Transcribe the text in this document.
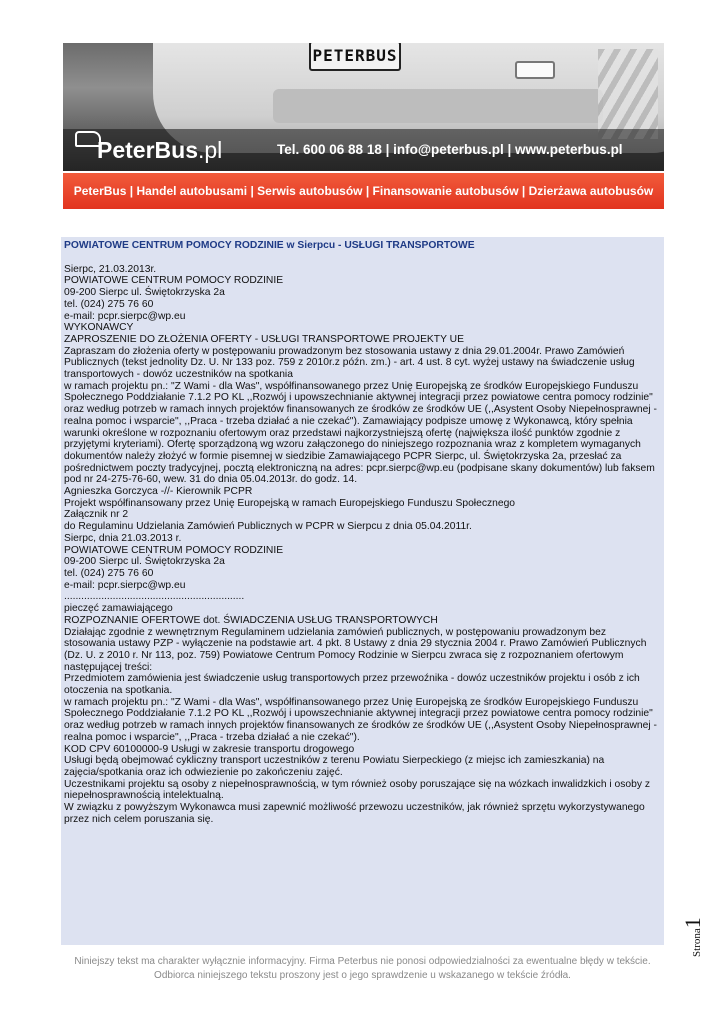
PETERBUS
PeterBus.pl	Tel. 600 06 88 18 | info@peterbus.pl | www.peterbus.pl
PeterBus | Handel autobusami | Serwis autobusów | Finansowanie autobusów | Dzierżawa autobusów

POWIATOWE CENTRUM POMOCY RODZINIE w Sierpcu - USŁUGI TRANSPORTOWE

Sierpc, 21.03.2013r.

POWIATOWE CENTRUM POMOCY RODZINIE

09-200 Sierpc ul. Świętokrzyska 2a

tel. (024) 275 76 60

e-mail: pcpr.sierpc@wp.eu

WYKONAWCY

ZAPROSZENIE DO ZŁOŻENIA OFERTY - USŁUGI TRANSPORTOWE PROJEKTY UE

Zapraszam do złożenia oferty w postępowaniu prowadzonym bez stosowania ustawy z dnia 29.01.2004r. Prawo Zamówień Publicznych (tekst jednolity Dz. U. Nr 133 poz. 759 z 2010r.z późn. zm.) - art. 4 ust. 8 cyt. wyżej ustawy na świadczenie usług transportowych - dowóz uczestników na spotkania

w ramach projektu pn.: "Z Wami - dla Was", współfinansowanego przez Unię Europejską ze środków Europejskiego Funduszu Społecznego Poddziałanie 7.1.2 PO KL ,,Rozwój i upowszechnianie aktywnej integracji przez powiatowe centra pomocy rodzinie"

oraz według potrzeb w ramach innych projektów finansowanych ze środków ze środków UE (,,Asystent Osoby Niepełnosprawnej - realna pomoc i wsparcie", ,,Praca - trzeba działać a nie czekać"). Zamawiający podpisze umowę z Wykonawcą, który spełnia warunki określone w rozpoznaniu ofertowym oraz przedstawi najkorzystniejszą ofertę (największa ilość punktów zgodnie z przyjętymi kryteriami). Ofertę sporządzoną wg wzoru załączonego do niniejszego rozpoznania wraz z kompletem wymaganych dokumentów należy złożyć w formie pisemnej w siedzibie Zamawiającego PCPR Sierpc, ul. Świętokrzyska 2a, przesłać za pośrednictwem poczty tradycyjnej, pocztą elektroniczną na adres: pcpr.sierpc@wp.eu (podpisane skany dokumentów) lub faksem pod nr 24-275-76-60, wew. 31 do dnia 05.04.2013r. do godz. 14.

Agnieszka Gorczyca -//- Kierownik PCPR

Projekt współfinansowany przez Unię Europejską w ramach Europejskiego Funduszu Społecznego

Załącznik nr 2

do Regulaminu Udzielania Zamówień Publicznych w PCPR w Sierpcu z dnia 05.04.2011r.

Sierpc, dnia 21.03.2013 r.

POWIATOWE CENTRUM POMOCY RODZINIE

09-200 Sierpc ul. Świętokrzyska 2a

tel. (024) 275 76 60

e-mail: pcpr.sierpc@wp.eu

...............................................................

pieczęć zamawiającego

ROZPOZNANIE OFERTOWE dot. ŚWIADCZENIA USŁUG TRANSPORTOWYCH

Działając zgodnie z wewnętrznym Regulaminem udzielania zamówień publicznych, w postępowaniu prowadzonym bez stosowania ustawy PZP - wyłączenie na podstawie art. 4 pkt. 8 Ustawy z dnia 29 stycznia 2004 r. Prawo Zamówień Publicznych (Dz. U. z 2010 r. Nr 113, poz. 759) Powiatowe Centrum Pomocy Rodzinie w Sierpcu zwraca się z rozpoznaniem ofertowym następującej treści:

Przedmiotem zamówienia jest świadczenie usług transportowych przez przewoźnika - dowóz uczestników projektu i osób z ich otoczenia na spotkania.

w ramach projektu pn.: "Z Wami - dla Was", współfinansowanego przez Unię Europejską ze środków Europejskiego Funduszu Społecznego Poddziałanie 7.1.2 PO KL ,,Rozwój i upowszechnianie aktywnej integracji przez powiatowe centra pomocy rodzinie"

oraz według potrzeb w ramach innych projektów finansowanych ze środków ze środków UE (,,Asystent Osoby Niepełnosprawnej - realna pomoc i wsparcie", ,,Praca - trzeba działać a nie czekać").

KOD CPV 60100000-9 Usługi w zakresie transportu drogowego

Usługi będą obejmować cykliczny transport uczestników z terenu Powiatu Sierpeckiego (z miejsc ich zamieszkania) na zajęcia/spotkania oraz ich odwiezienie po zakończeniu zajęć.

Uczestnikami projektu są osoby z niepełnosprawnością, w tym również osoby poruszające się na wózkach inwalidzkich i osoby z niepełnosprawnością intelektualną.

W związku z powyższym Wykonawca musi zapewnić możliwość przewozu uczestników, jak również sprzętu wykorzystywanego przez nich celem poruszania się.

Strona1

Niniejszy tekst ma charakter wyłącznie informacyjny. Firma Peterbus nie ponosi odpowiedzialności za ewentualne błędy w tekście.

Odbiorca niniejszego tekstu proszony jest o jego sprawdzenie u wskazanego w tekście źródła.
